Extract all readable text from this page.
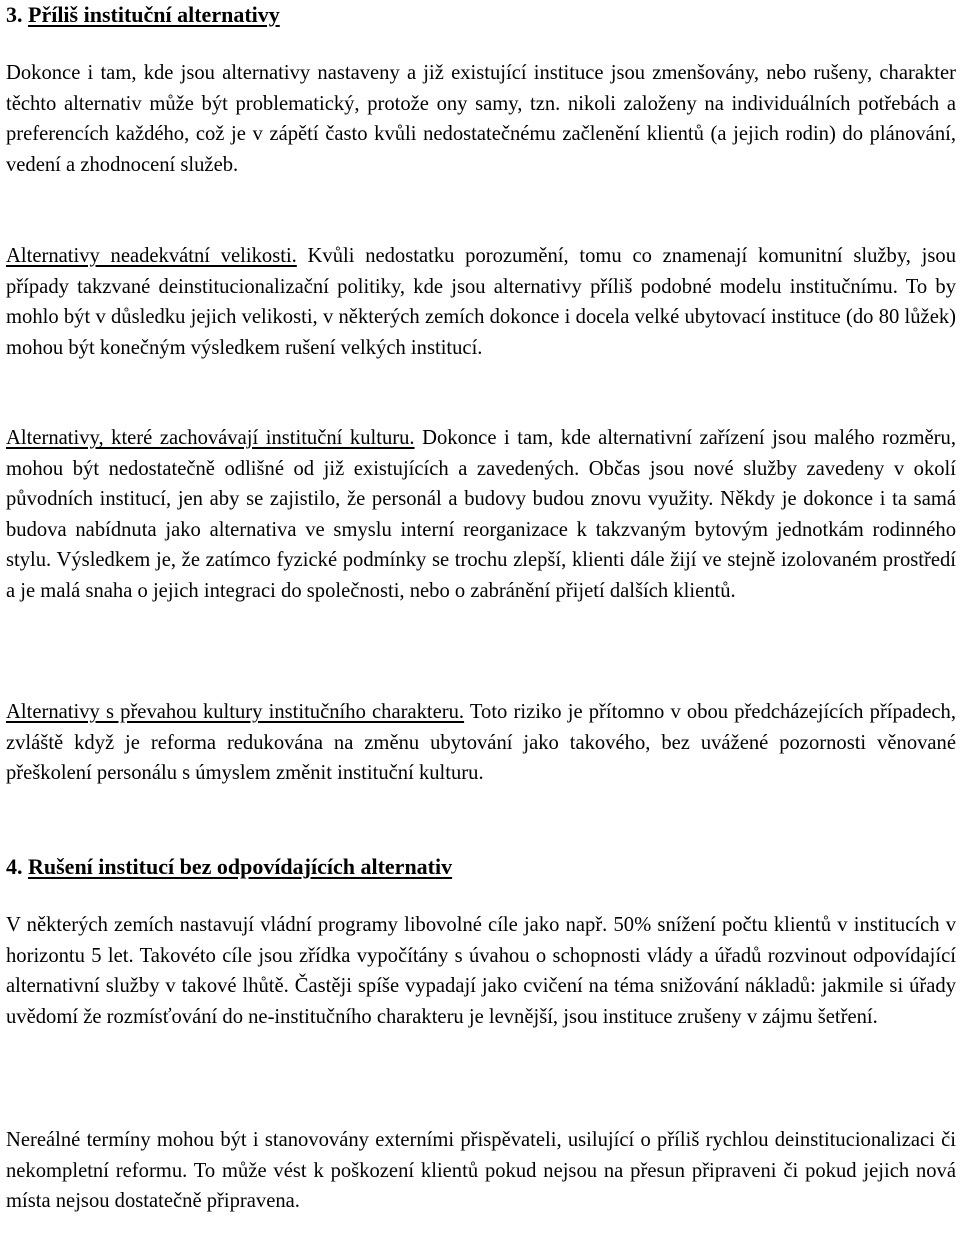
3. Příliš instituční alternativy

Dokonce i tam, kde jsou alternativy nastaveny a již existující instituce jsou zmenšovány, nebo rušeny, charakter těchto alternativ může být problematický, protože ony samy, tzn. nikoli založeny na individuálních potřebách a preferencích každého, což je v zápětí často kvůli nedostatečnému začlenění klientů (a jejich rodin) do plánování, vedení a zhodnocení služeb.

Alternativy neadekvátní velikosti. Kvůli nedostatku porozumění, tomu co znamenají komunitní služby, jsou případy takzvané deinstitucionalizační politiky, kde jsou alternativy příliš podobné modelu institučnímu. To by mohlo být v důsledku jejich velikosti, v některých zemích dokonce i docela velké ubytovací instituce (do 80 lůžek) mohou být konečným výsledkem rušení velkých institucí.

Alternativy, které zachovávají instituční kulturu. Dokonce i tam, kde alternativní zařízení jsou malého rozměru, mohou být nedostatečně odlišné od již existujících a zavedených. Občas jsou nové služby zavedeny v okolí původních institucí, jen aby se zajistilo, že personál a budovy budou znovu využity. Někdy je dokonce i ta samá budova nabídnuta jako alternativa ve smyslu interní reorganizace k takzvaným bytovým jednotkám rodinného stylu. Výsledkem je, že zatímco fyzické podmínky se trochu zlepší, klienti dále žijí ve stejně izolovaném prostředí a je malá snaha o jejich integraci do společnosti, nebo o zabránění přijetí dalších klientů.

Alternativy s převahou kultury institučního charakteru. Toto riziko je přítomno v obou předcházejících případech, zvláště když je reforma redukována na změnu ubytování jako takového, bez uvážené pozornosti věnované přeškolení personálu s úmyslem změnit instituční kulturu.

4. Rušení institucí bez odpovídajících alternativ

V některých zemích nastavují vládní programy libovolné cíle jako např. 50% snížení počtu klientů v institucích v horizontu 5 let. Takovéto cíle jsou zřídka vypočítány s úvahou o schopnosti vlády a úřadů rozvinout odpovídající alternativní služby v takové lhůtě. Častěji spíše vypadají jako cvičení na téma snižování nákladů: jakmile si úřady uvědomí že rozmísťování do ne-institučního charakteru je levnější, jsou instituce zrušeny v zájmu šetření.

Nereálné termíny mohou být i stanovovány externími přispěvateli, usilující o příliš rychlou deinstitucionalizaci či nekompletní reformu. To může vést k poškození klientů pokud nejsou na přesun připraveni či pokud jejich nová místa nejsou dostatečně připravena.
